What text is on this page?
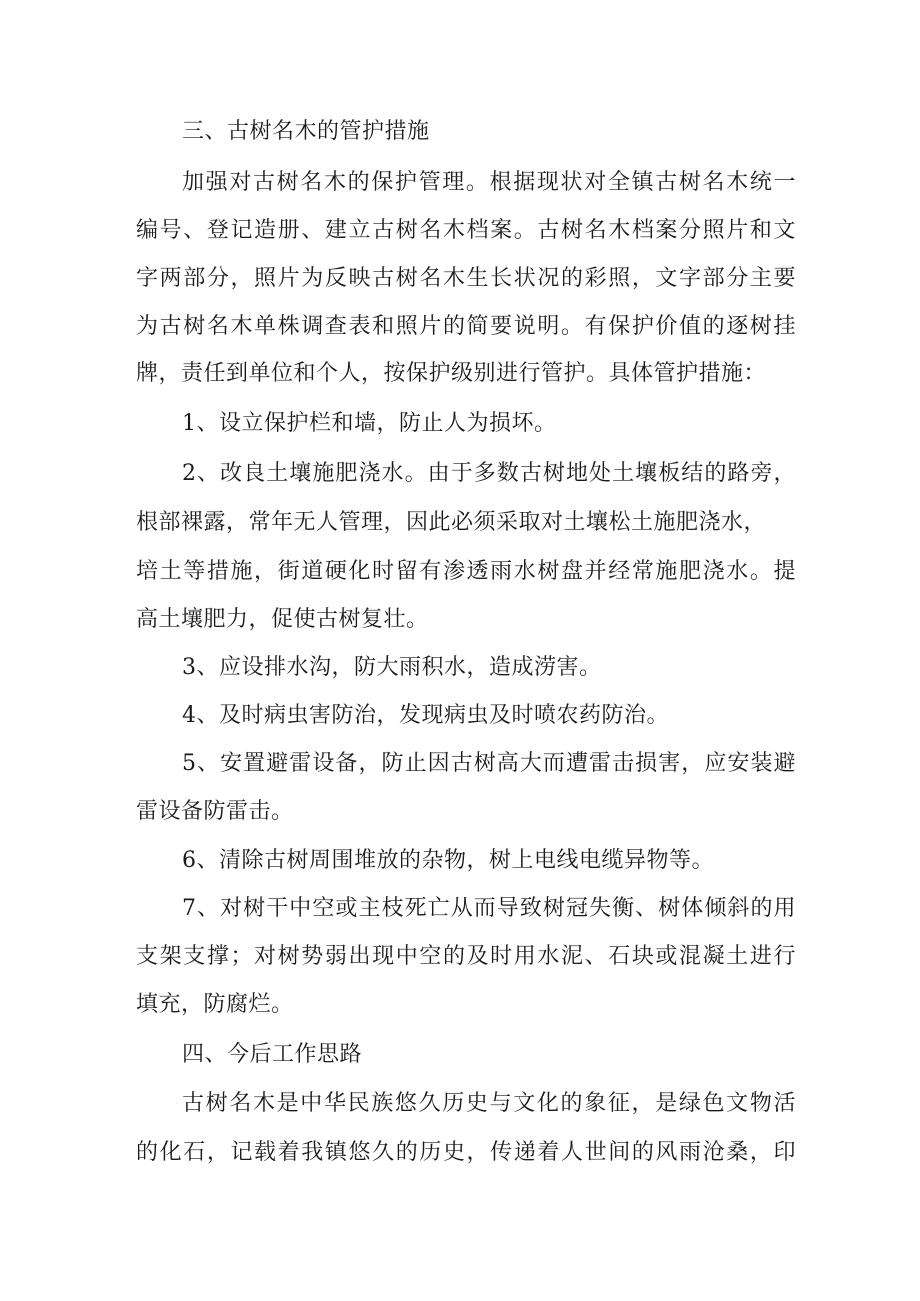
三、古树名木的管护措施
加强对古树名木的保护管理。根据现状对全镇古树名木统一
编号、登记造册、建立古树名木档案。古树名木档案分照片和文
字两部分，照片为反映古树名木生长状况的彩照，文字部分主要
为古树名木单株调查表和照片的简要说明。有保护价值的逐树挂
牌，责任到单位和个人，按保护级别进行管护。具体管护措施：
1、设立保护栏和墙，防止人为损坏。
2、改良土壤施肥浇水。由于多数古树地处土壤板结的路旁，
根部裸露，常年无人管理，因此必须采取对土壤松土施肥浇水，
培土等措施，街道硬化时留有渗透雨水树盘并经常施肥浇水。提
高土壤肥力，促使古树复壮。
3、应设排水沟，防大雨积水，造成涝害。
4、及时病虫害防治，发现病虫及时喷农药防治。
5、安置避雷设备，防止因古树高大而遭雷击损害，应安装避
雷设备防雷击。
6、清除古树周围堆放的杂物，树上电线电缆异物等。
7、对树干中空或主枝死亡从而导致树冠失衡、树体倾斜的用
支架支撑；对树势弱出现中空的及时用水泥、石块或混凝土进行
填充，防腐烂。
四、今后工作思路
古树名木是中华民族悠久历史与文化的象征，是绿色文物活
的化石，记载着我镇悠久的历史，传递着人世间的风雨沧桑，印
